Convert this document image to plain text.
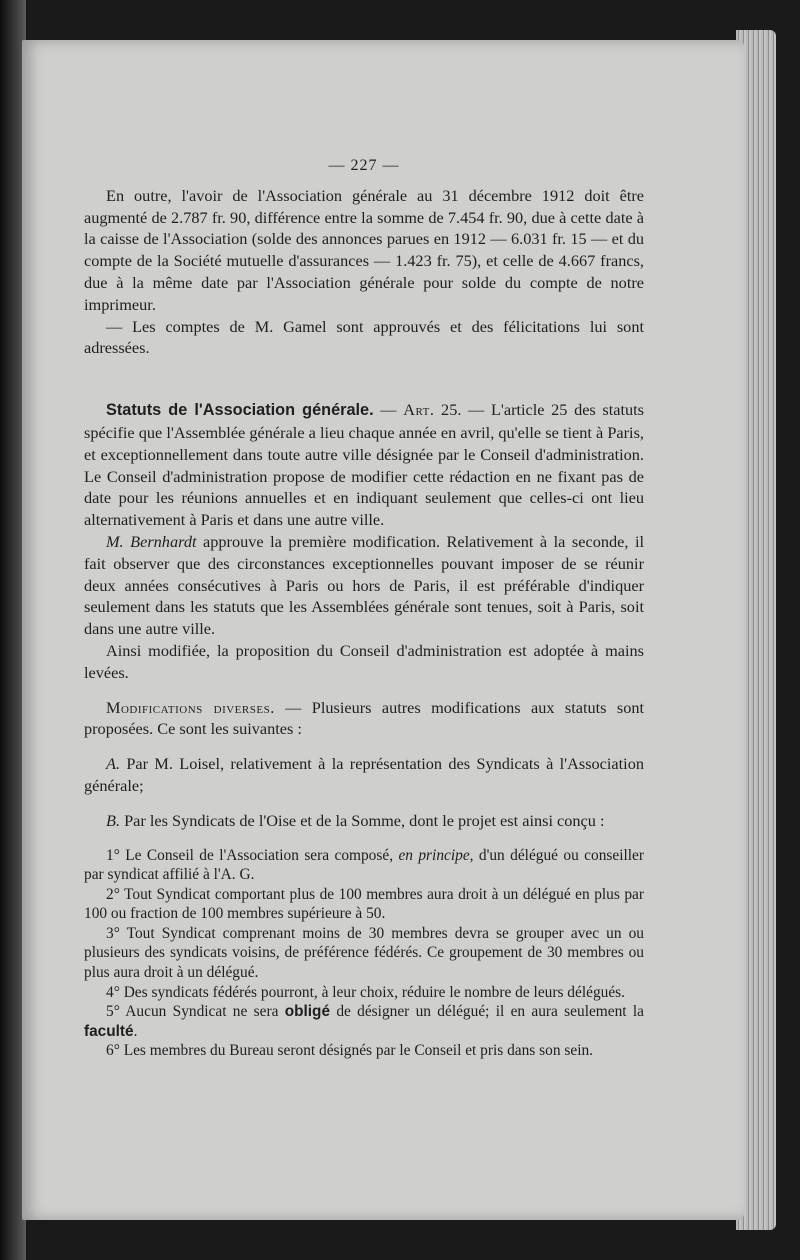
— 227 —

En outre, l'avoir de l'Association générale au 31 décembre 1912 doit être augmenté de 2.787 fr. 90, différence entre la somme de 7.454 fr. 90, due à cette date à la caisse de l'Association (solde des annonces parues en 1912 — 6.031 fr. 15 — et du compte de la Société mutuelle d'assurances — 1.423 fr. 75), et celle de 4.667 francs, due à la même date par l'Association générale pour solde du compte de notre imprimeur.

— Les comptes de M. Gamel sont approuvés et des félicitations lui sont adressées.

Statuts de l'Association générale. — Art. 25. — L'article 25 des statuts spécifie que l'Assemblée générale a lieu chaque année en avril, qu'elle se tient à Paris, et exceptionnellement dans toute autre ville désignée par le Conseil d'administration. Le Conseil d'administration propose de modifier cette rédaction en ne fixant pas de date pour les réunions annuelles et en indiquant seulement que celles-ci ont lieu alternativement à Paris et dans une autre ville.

M. Bernhardt approuve la première modification. Relativement à la seconde, il fait observer que des circonstances exceptionnelles pouvant imposer de se réunir deux années consécutives à Paris ou hors de Paris, il est préférable d'indiquer seulement dans les statuts que les Assemblées générale sont tenues, soit à Paris, soit dans une autre ville.

Ainsi modifiée, la proposition du Conseil d'administration est adoptée à mains levées.

Modifications diverses. — Plusieurs autres modifications aux statuts sont proposées. Ce sont les suivantes :

A. Par M. Loisel, relativement à la représentation des Syndicats à l'Association générale;

B. Par les Syndicats de l'Oise et de la Somme, dont le projet est ainsi conçu :

1° Le Conseil de l'Association sera composé, en principe, d'un délégué ou conseiller par syndicat affilié à l'A. G.

2° Tout Syndicat comportant plus de 100 membres aura droit à un délégué en plus par 100 ou fraction de 100 membres supérieure à 50.

3° Tout Syndicat comprenant moins de 30 membres devra se grouper avec un ou plusieurs des syndicats voisins, de préférence fédérés. Ce groupement de 30 membres ou plus aura droit à un délégué.

4° Des syndicats fédérés pourront, à leur choix, réduire le nombre de leurs délégués.

5° Aucun Syndicat ne sera obligé de désigner un délégué; il en aura seulement la faculté.

6° Les membres du Bureau seront désignés par le Conseil et pris dans son sein.
